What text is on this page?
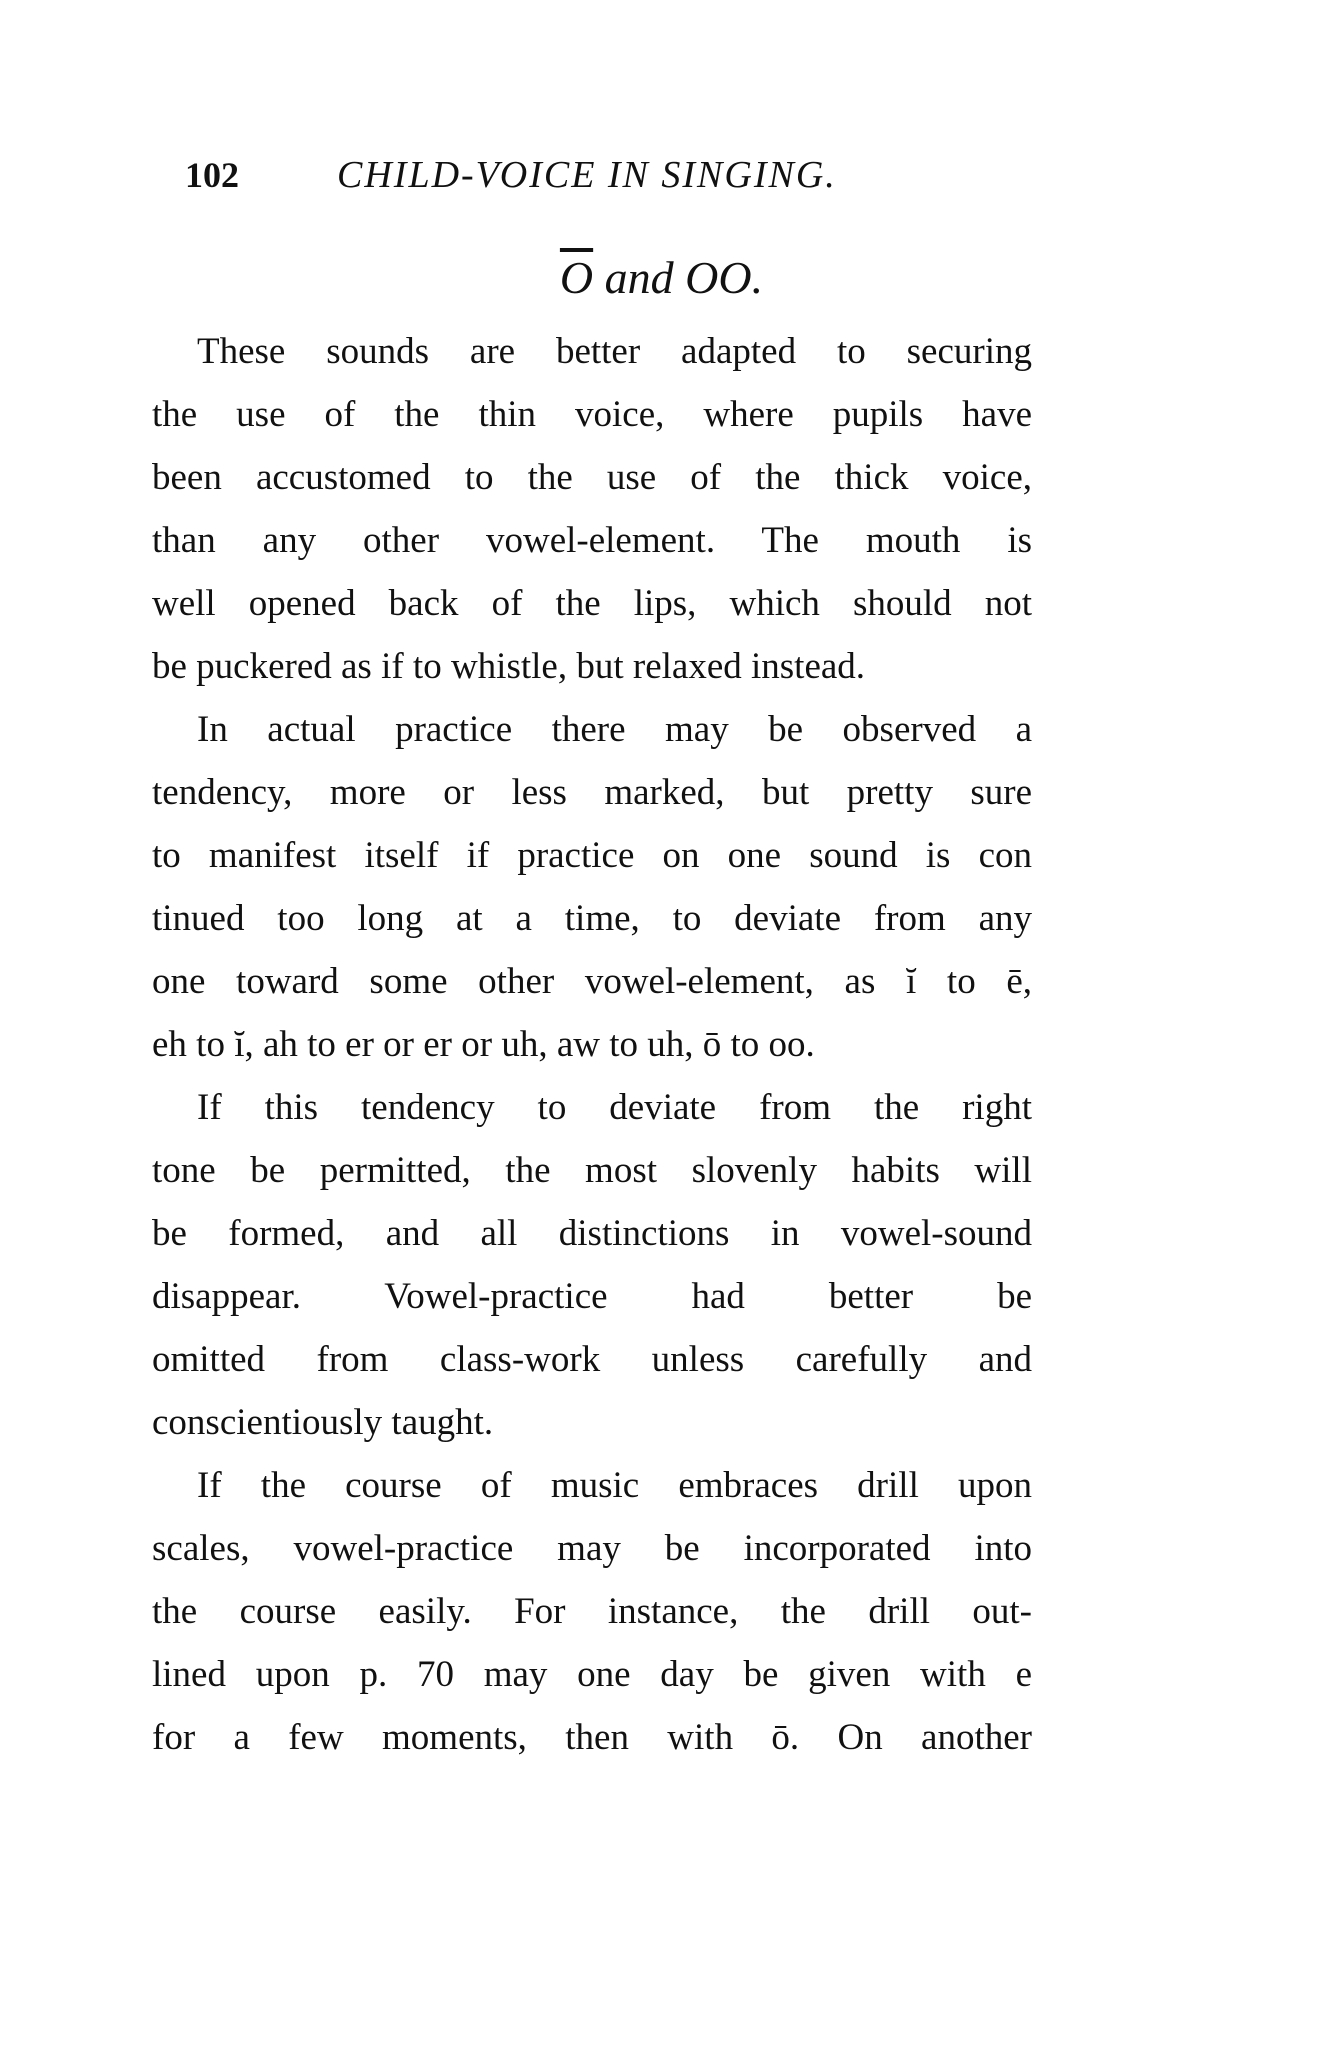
102	CHILD-VOICE IN SINGING.
$\overline{O}$ and OO.
These sounds are better adapted to securing
the use of the thin voice, where pupils have
been accustomed to the use of the thick voice,
than any other vowel-element. The mouth is
well opened back of the lips, which should not
be puckered as if to whistle, but relaxed instead.
In actual practice there may be observed a
tendency, more or less marked, but pretty sure
to manifest itself if practice on one sound is con
tinued too long at a time, to deviate from any
one toward some other vowel-element, as ĭ to ē,
eh to ĭ, ah to er or er or uh, aw to uh, ō to oo.
If this tendency to deviate from the right
tone be permitted, the most slovenly habits will
be formed, and all distinctions in vowel-sound
disappear. Vowel-practice had better be
omitted from class-work unless carefully and
conscientiously taught.
If the course of music embraces drill upon
scales, vowel-practice may be incorporated into
the course easily. For instance, the drill out-
lined upon p. 70 may one day be given with e
for a few moments, then with ō. On another
